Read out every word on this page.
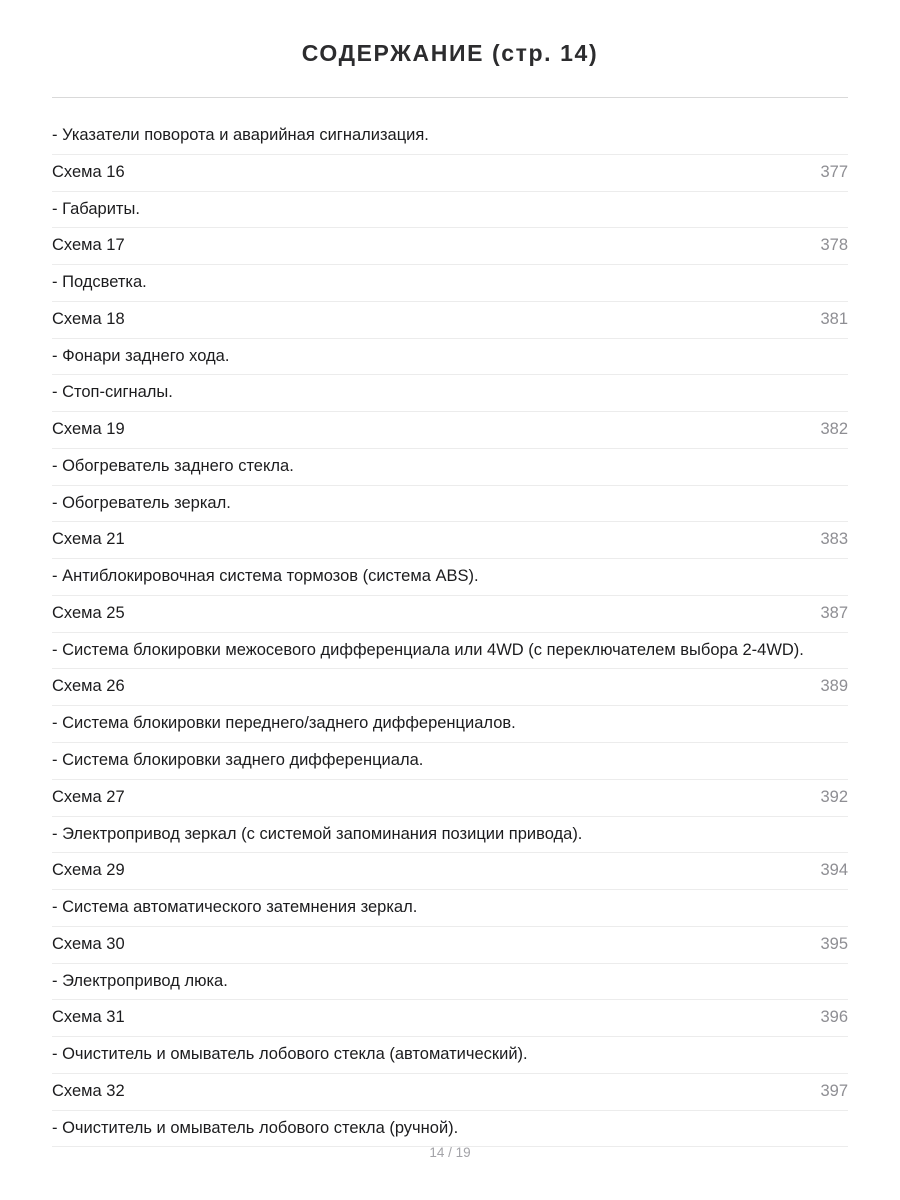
СОДЕРЖАНИЕ (стр. 14)
- Указатели поворота и аварийная сигнализация.
Схема 16	377
- Габариты.
Схема 17	378
- Подсветка.
Схема 18	381
- Фонари заднего хода.
- Стоп-сигналы.
Схема 19	382
- Обогреватель заднего стекла.
- Обогреватель зеркал.
Схема 21	383
- Антиблокировочная система тормозов (система ABS).
Схема 25	387
- Система блокировки межосевого дифференциала или 4WD (с переключателем выбора 2-4WD).
Схема 26	389
- Система блокировки переднего/заднего дифференциалов.
- Система блокировки заднего дифференциала.
Схема 27	392
- Электропривод зеркал (с системой запоминания позиции привода).
Схема 29	394
- Система автоматического затемнения зеркал.
Схема 30	395
- Электропривод люка.
Схема 31	396
- Очиститель и омыватель лобового стекла (автоматический).
Схема 32	397
- Очиститель и омыватель лобового стекла (ручной).
14 / 19
